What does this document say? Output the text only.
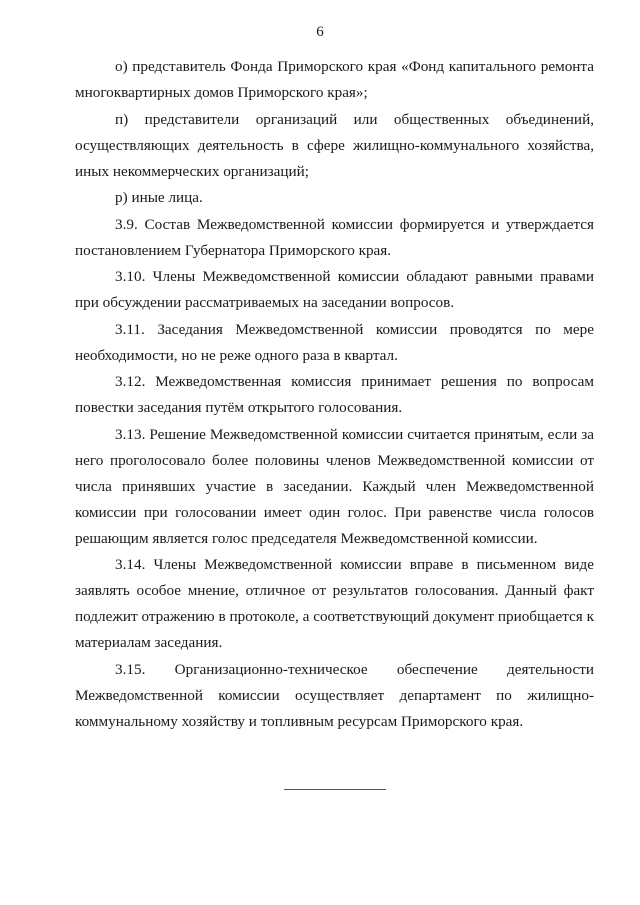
6

о) представитель Фонда Приморского края «Фонд капитального ремонта многоквартирных домов Приморского края»;

п) представители организаций или общественных объединений, осуществляющих деятельность в сфере жилищно-коммунального хозяйства, иных некоммерческих организаций;

р) иные лица.

3.9. Состав Межведомственной комиссии формируется и утверждается постановлением Губернатора Приморского края.

3.10. Члены Межведомственной комиссии обладают равными правами при обсуждении рассматриваемых на заседании вопросов.

3.11. Заседания Межведомственной комиссии проводятся по мере необходимости, но не реже одного раза в квартал.

3.12. Межведомственная комиссия принимает решения по вопросам повестки заседания путём открытого голосования.

3.13. Решение Межведомственной комиссии считается принятым, если за него проголосовало более половины членов Межведомственной комиссии от числа принявших участие в заседании. Каждый член Межведомственной комиссии при голосовании имеет один голос. При равенстве числа голосов решающим является голос председателя Межведомственной комиссии.

3.14. Члены Межведомственной комиссии вправе в письменном виде заявлять особое мнение, отличное от результатов голосования. Данный факт подлежит отражению в протоколе, а соответствующий документ приобщается к материалам заседания.

3.15. Организационно-техническое обеспечение деятельности Межведомственной комиссии осуществляет департамент по жилищно-коммунальному хозяйству и топливным ресурсам Приморского края.
